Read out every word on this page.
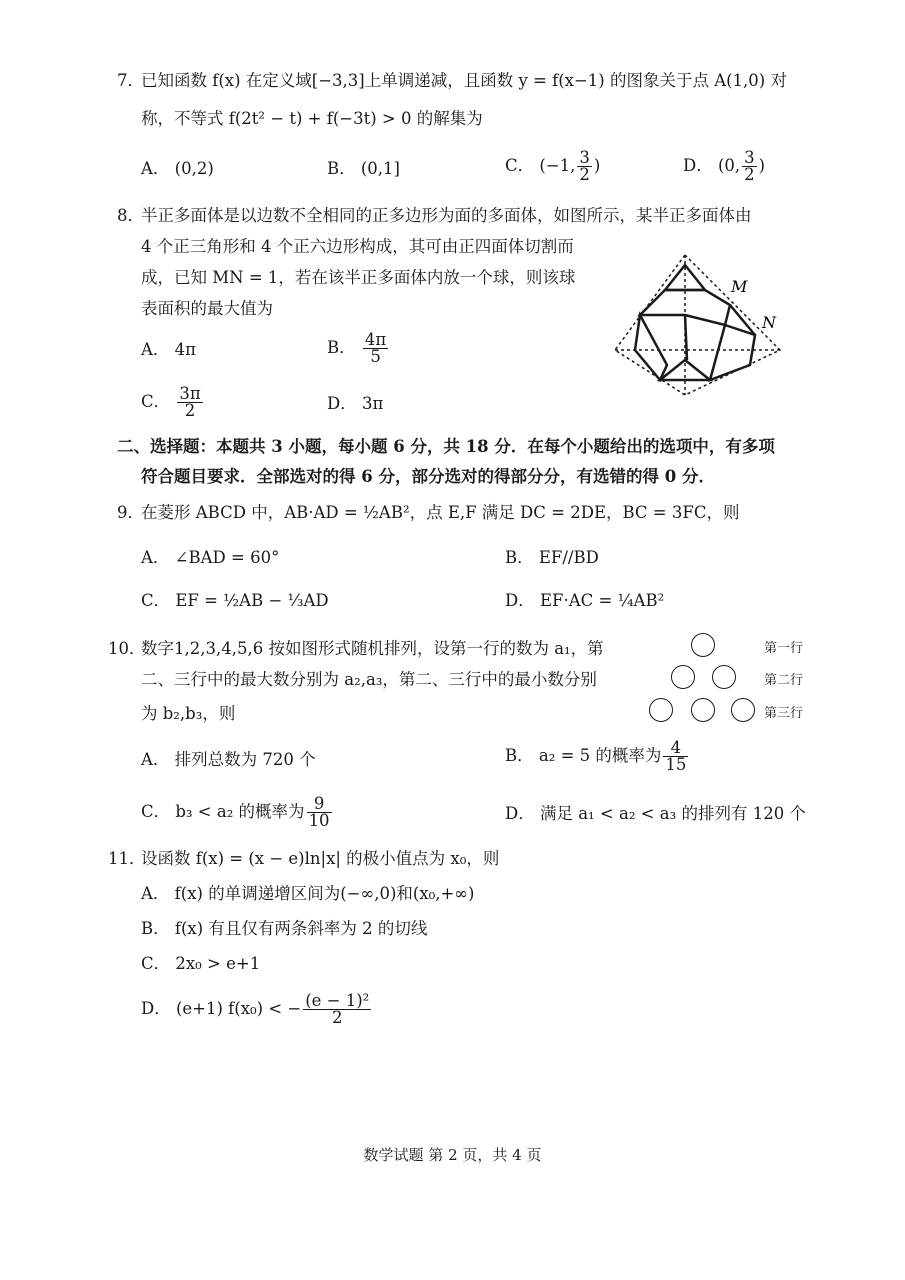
7．
已知函数 f(x) 在定义域[−3,3]上单调递减，且函数 y = f(x−1) 的图象关于点 A(1,0) 对
称，不等式 f(2t² − t) + f(−3t) > 0 的解集为
A． (0,2)	B． (0,1]	C． (−1, $\frac{3}{2}$ )	D． (0, $\frac{3}{2}$ )
8．
半正多面体是以边数不全相同的正多边形为面的多面体，如图所示，某半正多面体由
4 个正三角形和 4 个正六边形构成，其可由正四面体切割而
成，已知 MN = 1，若在该半正多面体内放一个球，则该球
表面积的最大值为
A． 4π	B． $\frac{4\pi}{5}$
C． $\frac{3\pi}{2}$	D． 3π
M
N
二、选择题：本题共 3 小题，每小题 6 分，共 18 分．在每个小题给出的选项中，有多项
符合题目要求．全部选对的得 6 分，部分选对的得部分分，有选错的得 0 分．
9．
在菱形 ABCD 中，AB·AD = ½AB²，点 E,F 满足 DC = 2DE，BC = 3FC，则
A． ∠BAD = 60°	B． EF//BD
C． EF = ½AB − ⅓AD	D． EF·AC = ¼AB²
10．
数字1,2,3,4,5,6 按如图形式随机排列，设第一行的数为 a₁，第
二、三行中的最大数分别为 a₂,a₃，第二、三行中的最小数分别
为 b₂,b₃，则
第一行
第二行
第三行
A． 排列总数为 720 个	B． a₂ = 5 的概率为 $\frac{4}{15}$
C． b₃ < a₂ 的概率为 $\frac{9}{10}$	D． 满足 a₁ < a₂ < a₃ 的排列有 120 个
11．
设函数 f(x) = (x − e)ln|x| 的极小值点为 x₀，则
A． f(x) 的单调递增区间为(−∞,0)和(x₀,+∞)
B． f(x) 有且仅有两条斜率为 2 的切线
C． 2x₀ > e+1
D． (e+1) f(x₀) < − $\frac{\text{(e − 1)²}}{2}$
数学试题 第 2 页，共 4 页
